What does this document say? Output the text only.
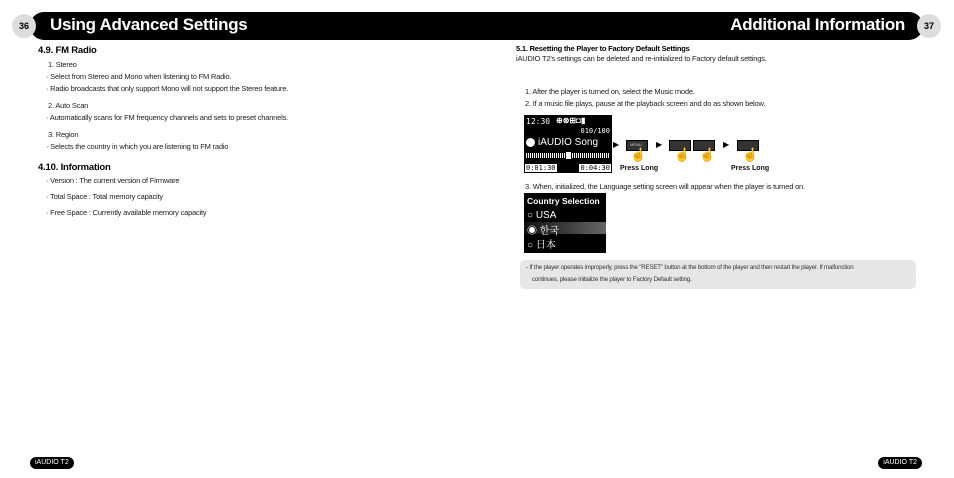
36	Using Advanced Settings	Additional Information	37
4.9. FM Radio
1. Stereo
· Select from Stereo and Mono when listening to FM Radio.
· Radio broadcasts that only support Mono will not support the Stereo feature.
2. Auto Scan
· Automatically scans for FM frequency channels and sets to preset channels.
3. Region
· Selects the country in which you are listening to FM radio
4.10. Information
· Version : The current version of Firmware
· Total Space : Total memory capacity
· Free Space : Currently available memory capacity
5.1. Resetting the Player to Factory Default Settings
iAUDIO T2's settings can be deleted and re-initialized to Factory default settings.
1. After the player is turned on, select the Music mode.
2. If a music file plays, pause at the playback screen and do as shown below.
12:30 ⊕⊗⊞◘▮
010/100
iAUDIO Song
0:01:30	0:04:30
▶	MENU
☝
Press Long
▶
☝ ☝
▶
☝
Press Long
3. When, initialized, the Language setting screen will appear when the player is turned on.
Country Selection
○ USA
◉ 한국
○ 日本
- If the player operates improperly, press the "RESET" button at the bottom of the player and then restart the player. If malfunction
continues, please initialize the player to Factory Default setting.
iAUDIO T2	iAUDIO T2
